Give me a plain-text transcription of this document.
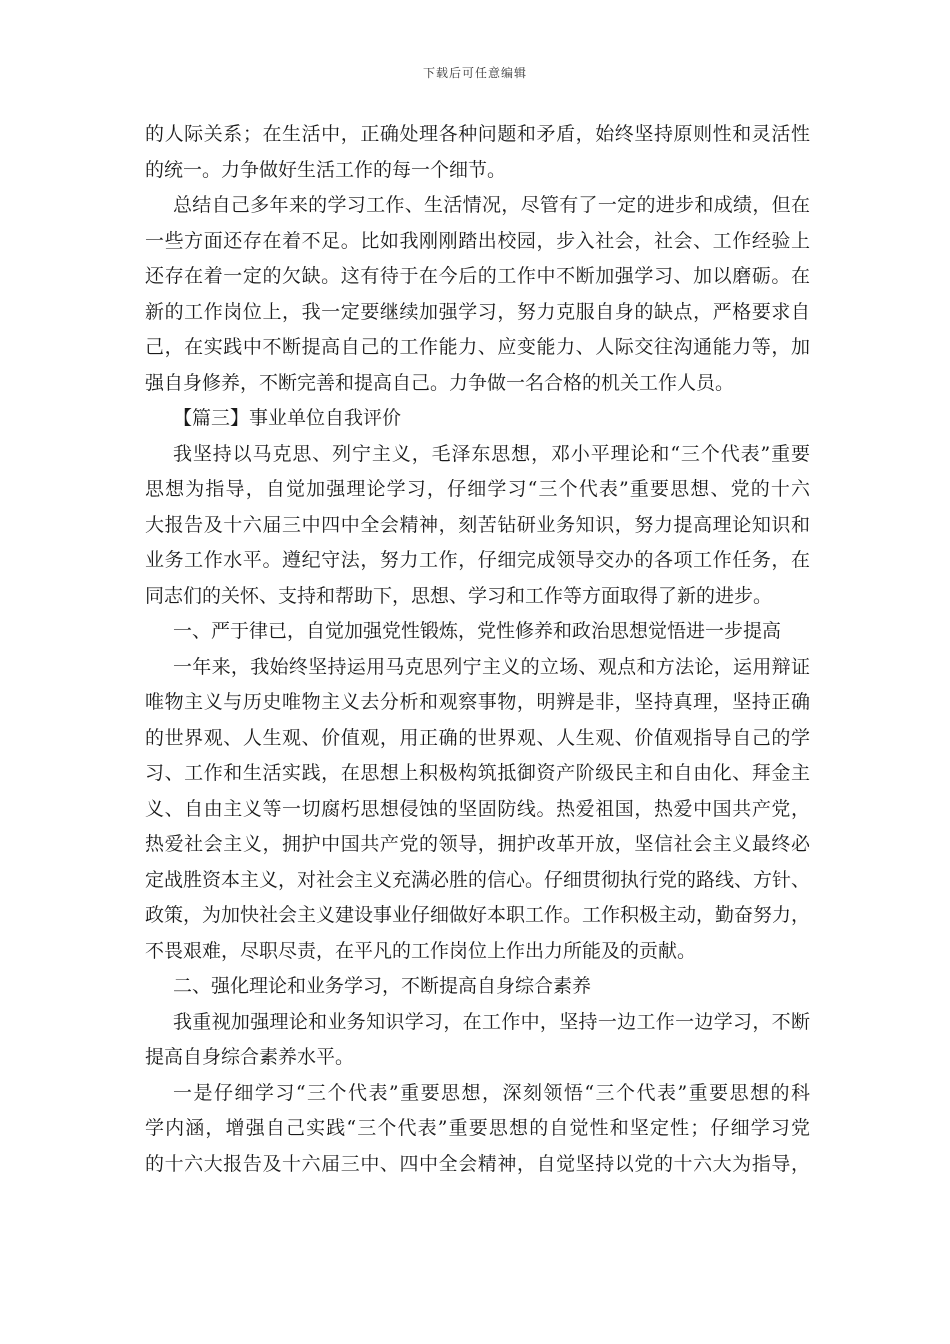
下载后可任意编辑
的人际关系；在生活中，正确处理各种问题和矛盾，始终坚持原则性和灵活性
的统一。力争做好生活工作的每一个细节。
总结自己多年来的学习工作、生活情况，尽管有了一定的进步和成绩，但在
一些方面还存在着不足。比如我刚刚踏出校园，步入社会，社会、工作经验上
还存在着一定的欠缺。这有待于在今后的工作中不断加强学习、加以磨砺。在
新的工作岗位上，我一定要继续加强学习，努力克服自身的缺点，严格要求自
己，在实践中不断提高自己的工作能力、应变能力、人际交往沟通能力等，加
强自身修养，不断完善和提高自己。力争做一名合格的机关工作人员。
【篇三】事业单位自我评价
我坚持以马克思、列宁主义，毛泽东思想，邓小平理论和“三个代表”重要
思想为指导，自觉加强理论学习，仔细学习“三个代表”重要思想、党的十六
大报告及十六届三中四中全会精神，刻苦钻研业务知识，努力提高理论知识和
业务工作水平。遵纪守法，努力工作，仔细完成领导交办的各项工作任务，在
同志们的关怀、支持和帮助下，思想、学习和工作等方面取得了新的进步。
一、严于律已，自觉加强党性锻炼，党性修养和政治思想觉悟进一步提高
一年来，我始终坚持运用马克思列宁主义的立场、观点和方法论，运用辩证
唯物主义与历史唯物主义去分析和观察事物，明辨是非，坚持真理，坚持正确
的世界观、人生观、价值观，用正确的世界观、人生观、价值观指导自己的学
习、工作和生活实践，在思想上积极构筑抵御资产阶级民主和自由化、拜金主
义、自由主义等一切腐朽思想侵蚀的坚固防线。热爱祖国，热爱中国共产党，
热爱社会主义，拥护中国共产党的领导，拥护改革开放，坚信社会主义最终必
定战胜资本主义，对社会主义充满必胜的信心。仔细贯彻执行党的路线、方针、
政策，为加快社会主义建设事业仔细做好本职工作。工作积极主动，勤奋努力，
不畏艰难，尽职尽责，在平凡的工作岗位上作出力所能及的贡献。
二、强化理论和业务学习，不断提高自身综合素养
我重视加强理论和业务知识学习，在工作中，坚持一边工作一边学习，不断
提高自身综合素养水平。
一是仔细学习“三个代表”重要思想，深刻领悟“三个代表”重要思想的科
学内涵，增强自己实践“三个代表”重要思想的自觉性和坚定性；仔细学习党
的十六大报告及十六届三中、四中全会精神，自觉坚持以党的十六大为指导，
